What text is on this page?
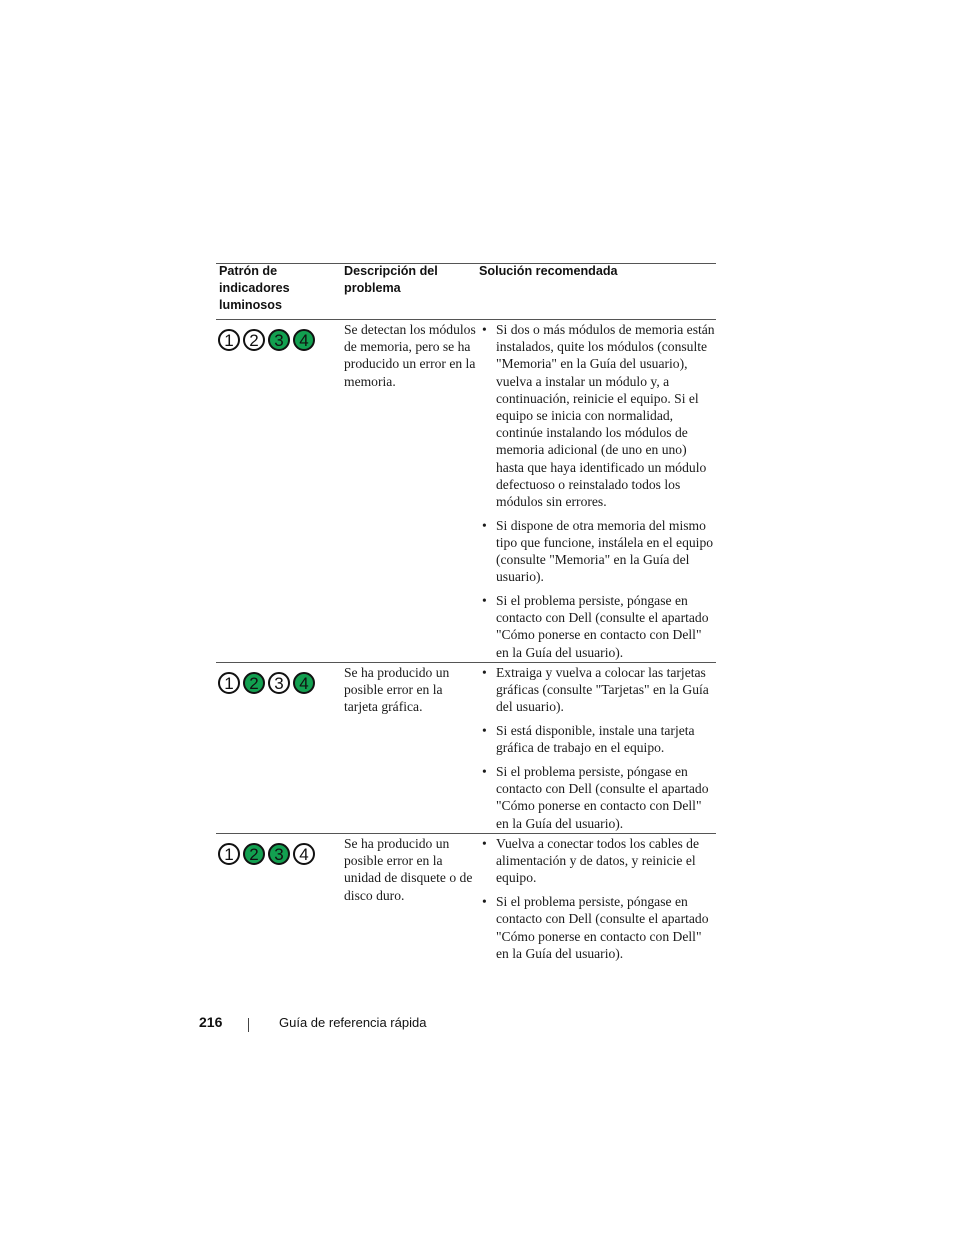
Patrón de indicadores luminosos
Descripción del problema
Solución recomendada
1 2 3 4
Se detectan los módulos de memoria, pero se ha producido un error en la memoria.
• Si dos o más módulos de memoria están instalados, quite los módulos (consulte "Memoria" en la Guía del usuario), vuelva a instalar un módulo y, a continuación, reinicie el equipo. Si el equipo se inicia con normalidad, continúe instalando los módulos de memoria adicional (de uno en uno) hasta que haya identificado un módulo defectuoso o reinstalado todos los módulos sin errores.
• Si dispone de otra memoria del mismo tipo que funcione, instálela en el equipo (consulte "Memoria" en la Guía del usuario).
• Si el problema persiste, póngase en contacto con Dell (consulte el apartado "Cómo ponerse en contacto con Dell" en la Guía del usuario).
1 2 3 4
Se ha producido un posible error en la tarjeta gráfica.
• Extraiga y vuelva a colocar las tarjetas gráficas (consulte "Tarjetas" en la Guía del usuario).
• Si está disponible, instale una tarjeta gráfica de trabajo en el equipo.
• Si el problema persiste, póngase en contacto con Dell (consulte el apartado "Cómo ponerse en contacto con Dell" en la Guía del usuario).
1 2 3 4
Se ha producido un posible error en la unidad de disquete o de disco duro.
• Vuelva a conectar todos los cables de alimentación y de datos, y reinicie el equipo.
• Si el problema persiste, póngase en contacto con Dell (consulte el apartado "Cómo ponerse en contacto con Dell" en la Guía del usuario).
216	Guía de referencia rápida
